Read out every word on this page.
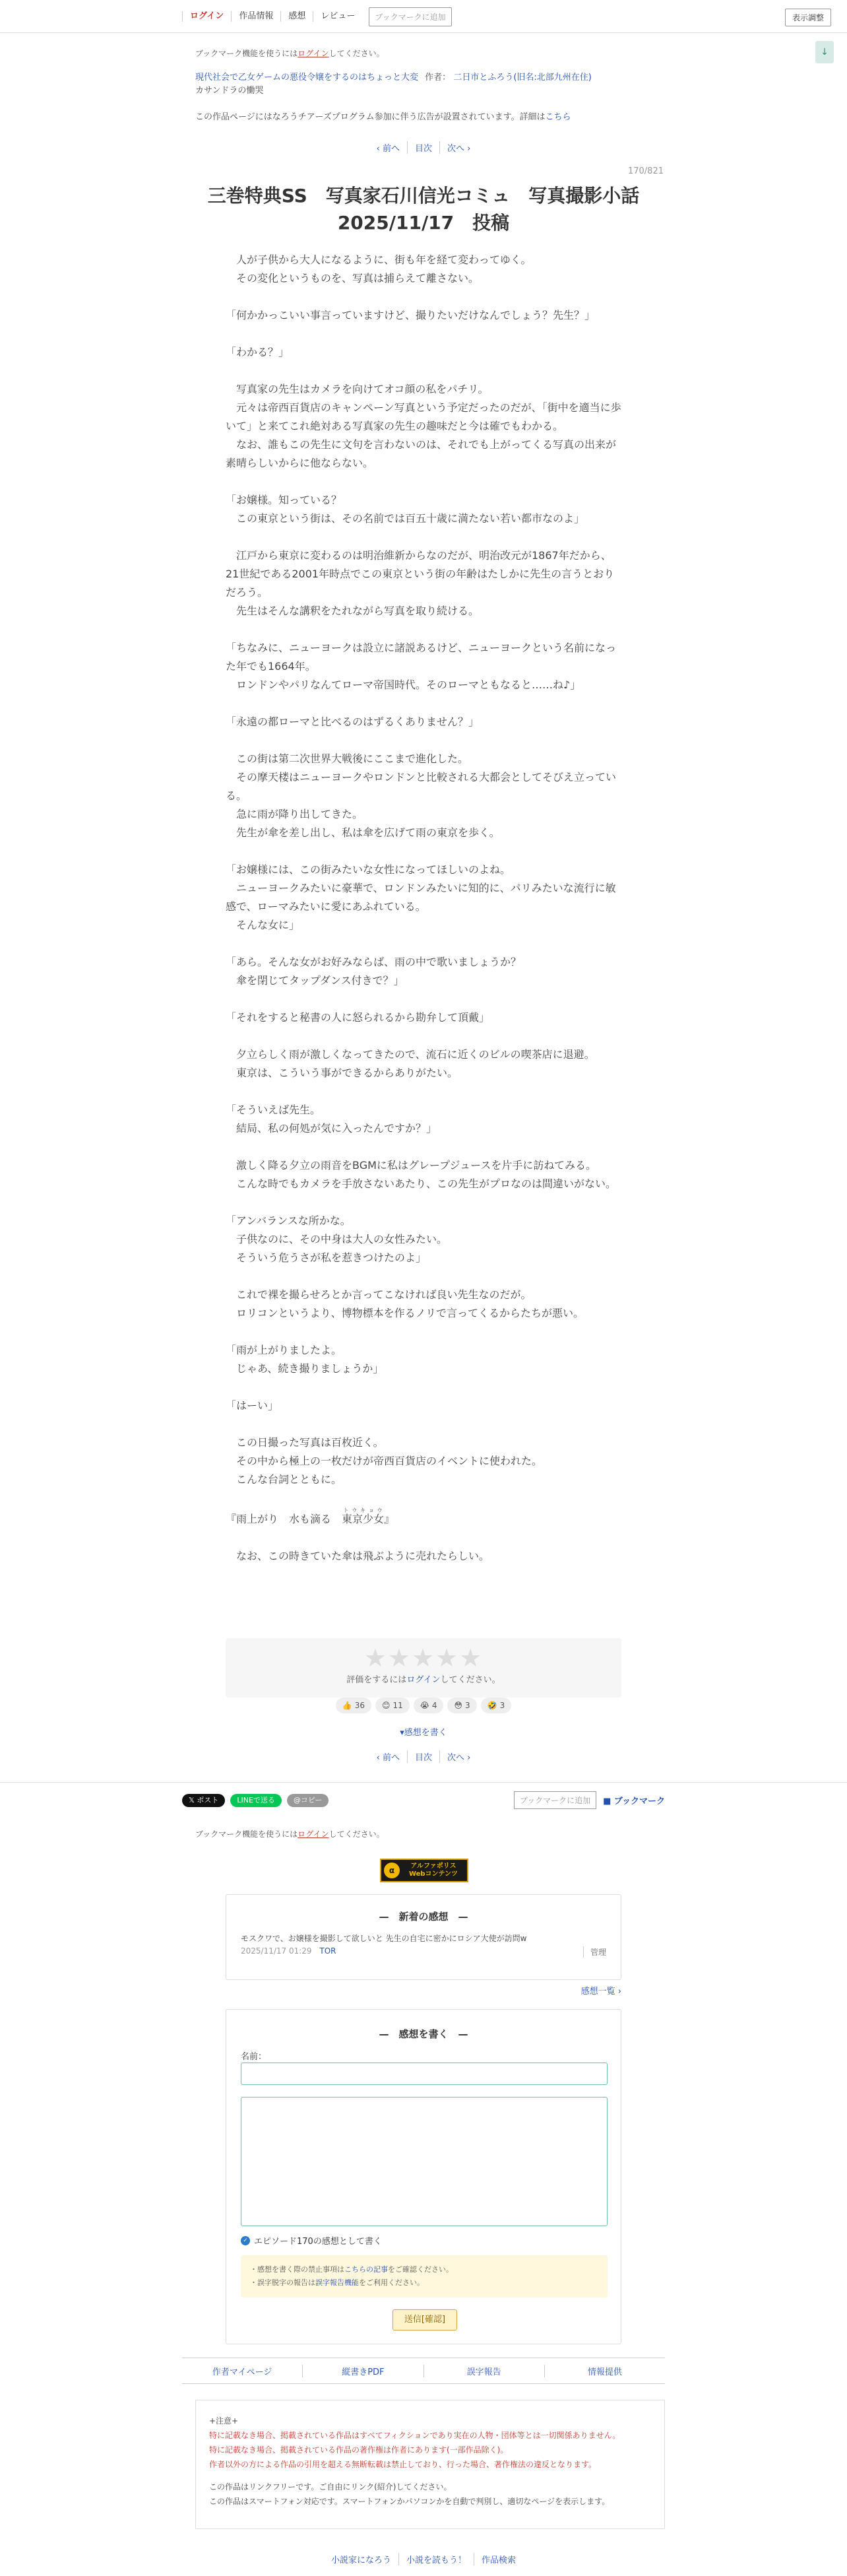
ログイン	作品情報	感想	レビュー	ブックマークに追加	表示調整
↓
ブックマーク機能を使うにはログインしてください。
現代社会で乙女ゲームの悪役令嬢をするのはちょっと大変 作者： 二日市とふろう(旧名:北部九州在住)
カサンドラの慟哭
この作品ページにはなろうチアーズプログラム参加に伴う広告が設置されています。詳細はこちら
‹ 前へ 目次 次へ ›
170/821
三巻特典SS　写真家石川信光コミュ　写真撮影小話　2025/11/17　投稿

　人が子供から大人になるように、街も年を経て変わってゆく。

　その変化というものを、写真は捕らえて離さない。

「何かかっこいい事言っていますけど、撮りたいだけなんでしょう？先生？」

「わかる？」

　写真家の先生はカメラを向けてオコ顔の私をパチリ。

　元々は帝西百貨店のキャンペーン写真という予定だったのだが、「街中を適当に歩いて」と来てこれ絶対ある写真家の先生の趣味だと今は確でもわかる。

　なお、誰もこの先生に文句を言わないのは、それでも上がってくる写真の出来が素晴らしいからに他ならない。

「お嬢様。知っている？

　この東京という街は、その名前では百五十歳に満たない若い都市なのよ」

　江戸から東京に変わるのは明治維新からなのだが、明治改元が1867年だから、21世紀である2001年時点でこの東京という街の年齢はたしかに先生の言うとおりだろう。

　先生はそんな講釈をたれながら写真を取り続ける。

「ちなみに、ニューヨークは設立に諸説あるけど、ニューヨークという名前になった年でも1664年。

　ロンドンやパリなんてローマ帝国時代。そのローマともなると……ね♪」

「永遠の都ローマと比べるのはずるくありません？」

　この街は第二次世界大戦後にここまで進化した。

　その摩天楼はニューヨークやロンドンと比較される大都会としてそびえ立っている。

　急に雨が降り出してきた。

　先生が傘を差し出し、私は傘を広げて雨の東京を歩く。

「お嬢様には、この街みたいな女性になってほしいのよね。

　ニューヨークみたいに豪華で、ロンドンみたいに知的に、パリみたいな流行に敏感で、ローマみたいに愛にあふれている。

　そんな女に」

「あら。そんな女がお好みならば、雨の中で歌いましょうか？

　傘を閉じてタップダンス付きで？」

「それをすると秘書の人に怒られるから勘弁して頂戴」

　夕立らしく雨が激しくなってきたので、流石に近くのビルの喫茶店に退避。

　東京は、こういう事ができるからありがたい。

「そういえば先生。

　結局、私の何処が気に入ったんですか？」

　激しく降る夕立の雨音をBGMに私はグレープジュースを片手に訪ねてみる。

　こんな時でもカメラを手放さないあたり、この先生がプロなのは間違いがない。

「アンバランスな所かな。

　子供なのに、その中身は大人の女性みたい。

　そういう危うさが私を惹きつけたのよ」

　これで裸を撮らせろとか言ってこなければ良い先生なのだが。

　ロリコンというより、博物標本を作るノリで言ってくるからたちが悪い。

「雨が上がりましたよ。

　じゃあ、続き撮りましょうか」

「はーい」

　この日撮った写真は百枚近く。

　その中から極上の一枚だけが帝西百貨店のイベントに使われた。

　こんな台詞とともに。

『雨上がり　水も滴る　東京少女トウキョウ』

　なお、この時きていた傘は飛ぶように売れたらしい。

★★★★★
評価をするにはログインしてください。
👍 36 😊 11 😭 4 😳 3 🤣 3
▾感想を書く
‹ 前へ 目次 次へ ›
𝕏 ポスト	LINEで送る	@コピー	ブックマークに追加	■ ブックマーク
ブックマーク機能を使うにはログインしてください。
α	アルファポリス
Webコンテンツ
—　新着の感想　—
モスクワで、お嬢様を撮影して欲しいと 先生の自宅に密かにロシア大使が訪問w
2025/11/17 01:29 TOR	管理
感想一覧 ›
—　感想を書く　—
名前：
✓ エピソード170の感想として書く
・感想を書く際の禁止事項はこちらの記事をご確認ください。
・誤字脱字の報告は誤字報告機能をご利用ください。
送信[確認]
作者マイページ	縦書きPDF	誤字報告	情報提供
+注意+
特に記載なき場合、掲載されている作品はすべてフィクションであり実在の人物・団体等とは一切関係ありません。
特に記載なき場合、掲載されている作品の著作権は作者にあります(一部作品除く)。
作者以外の方による作品の引用を超える無断転載は禁止しており、行った場合、著作権法の違反となります。
この作品はリンクフリーです。ご自由にリンク(紹介)してください。
この作品はスマートフォン対応です。スマートフォンかパソコンかを自動で判別し、適切なページを表示します。
小説家になろう 小説を読もう！ 作品検索
